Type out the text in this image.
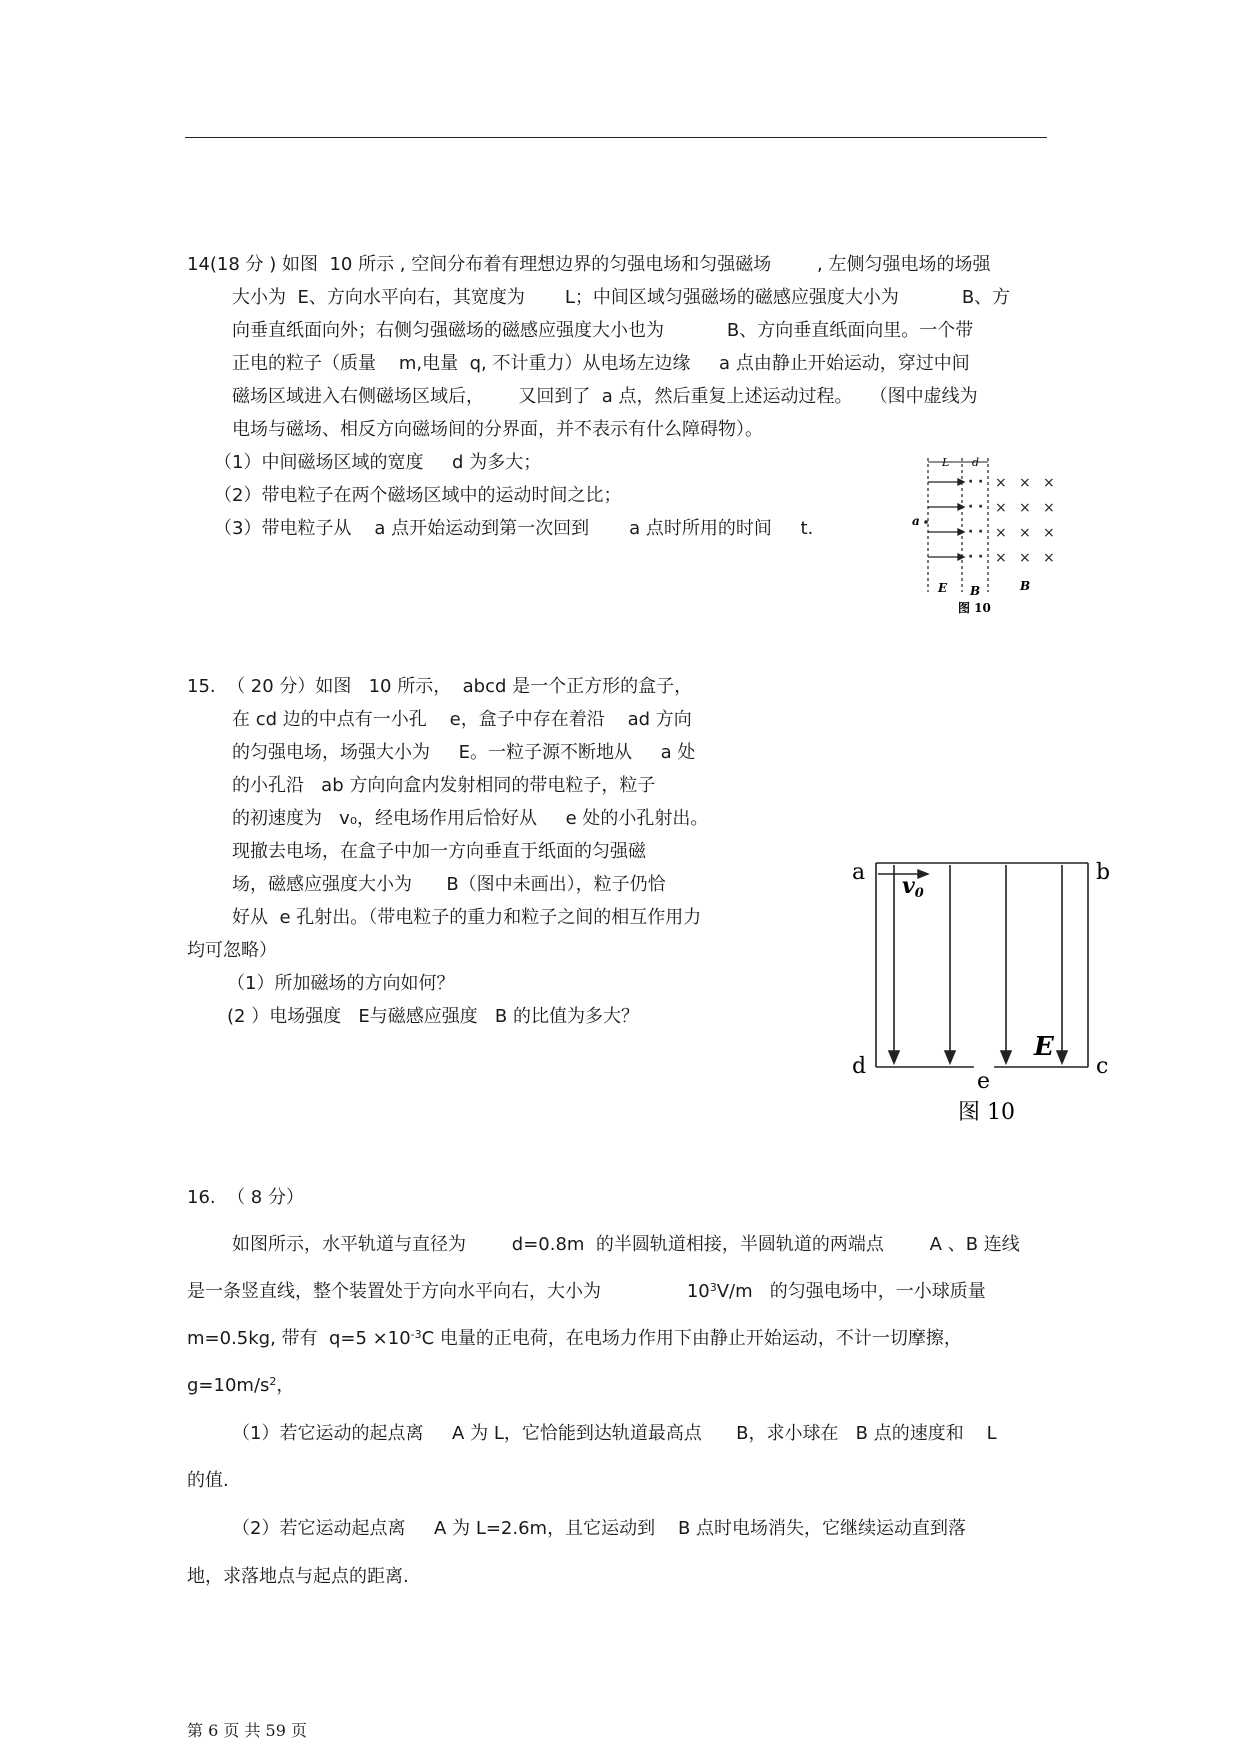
14(18 分 ) 如图  10 所示 , 空间分布着有理想边界的匀强电场和匀强磁场        , 左侧匀强电场的场强
大小为  E、方向水平向右，其宽度为       L；中间区域匀强磁场的磁感应强度大小为           B、方
向垂直纸面向外；右侧匀强磁场的磁感应强度大小也为           B、方向垂直纸面向里。一个带
正电的粒子（质量    m,电量  q, 不计重力）从电场左边缘     a 点由静止开始运动，穿过中间
磁场区域进入右侧磁场区域后，      又回到了  a 点，然后重复上述运动过程。   （图中虚线为
电场与磁场、相反方向磁场间的分界面，并不表示有什么障碍物）。
（1）中间磁场区域的宽度     d 为多大；
（2）带电粒子在两个磁场区域中的运动时间之比；
（3）带电粒子从    a 点开始运动到第一次回到       a 点时所用的时间     t.
L d
a
· ·
· ·
· ·
· ·
× × ×
× × ×
× × ×
× × ×
E B	B
图 10
15.  （ 20 分）如图   10 所示，  abcd 是一个正方形的盒子，
在 cd 边的中点有一小孔    e，盒子中存在着沿    ad 方向
的匀强电场，场强大小为     E。一粒子源不断地从     a 处
的小孔沿   ab 方向向盒内发射相同的带电粒子，粒子
的初速度为   v₀，经电场作用后恰好从     e 处的小孔射出。
现撤去电场，在盒子中加一方向垂直于纸面的匀强磁
场，磁感应强度大小为      B（图中未画出），粒子仍恰
好从  e 孔射出。（带电粒子的重力和粒子之间的相互作用力
均可忽略）
（1）所加磁场的方向如何？
(2 ）电场强度   E与磁感应强度   B 的比值为多大？
a	b
d	c
e
v0
E
图 10
16.  （ 8 分）
如图所示，水平轨道与直径为        d=0.8m  的半圆轨道相接，半圆轨道的两端点        A 、B 连线
是一条竖直线，整个装置处于方向水平向右，大小为               $10^3V/m$   的匀强电场中，一小球质量
m=0.5kg, 带有  $q=5 \times 10^{-3}C$ 电量的正电荷，在电场力作用下由静止开始运动，不计一切摩擦，
$g=10m/s^2$，
（1）若它运动的起点离     A 为 L，它恰能到达轨道最高点      B，求小球在   B 点的速度和    L
的值.
（2）若它运动起点离     A 为 L=2.6m，且它运动到    B 点时电场消失，它继续运动直到落
地，求落地点与起点的距离.
第 6 页 共 59 页
